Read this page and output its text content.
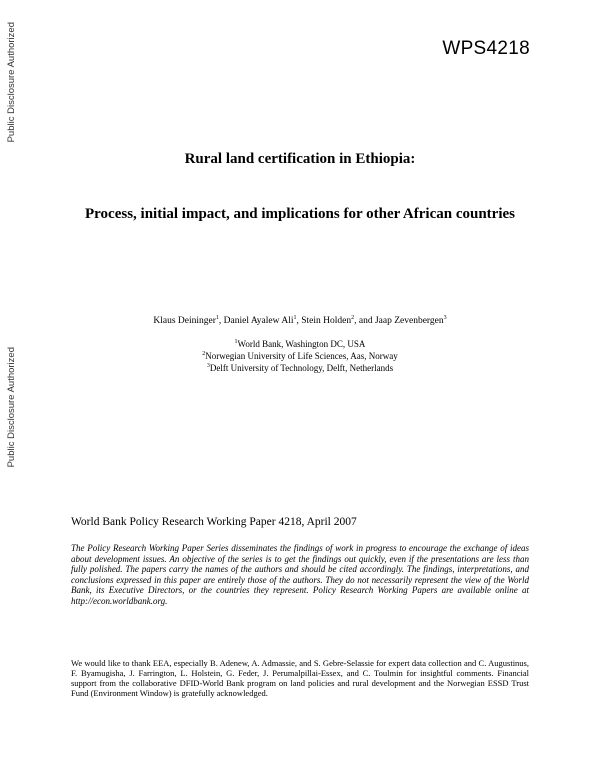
Public Disclosure Authorized
Public Disclosure Authorized
WPS4218
Rural land certification in Ethiopia:
Process, initial impact, and implications for other African countries
Klaus Deininger$^1$, Daniel Ayalew Ali$^1$, Stein Holden$^2$, and Jaap Zevenbergen$^3$
$^1$World Bank, Washington DC, USA
$^2$Norwegian University of Life Sciences, Aas, Norway
$^3$Delft University of Technology, Delft, Netherlands
World Bank Policy Research Working Paper 4218, April 2007
The Policy Research Working Paper Series disseminates the findings of work in progress to encourage the exchange of ideas about development issues. An objective of the series is to get the findings out quickly, even if the presentations are less than fully polished. The papers carry the names of the authors and should be cited accordingly. The findings, interpretations, and conclusions expressed in this paper are entirely those of the authors. They do not necessarily represent the view of the World Bank, its Executive Directors, or the countries they represent. Policy Research Working Papers are available online at http://econ.worldbank.org.
We would like to thank EEA, especially B. Adenew, A. Admassie, and S. Gebre-Selassie for expert data collection and C. Augustinus, F. Byamugisha, J. Farrington, L. Holstein, G. Feder, J. Perumalpillai-Essex, and C. Toulmin for insightful comments. Financial support from the collaborative DFID-World Bank program on land policies and rural development and the Norwegian ESSD Trust Fund (Environment Window) is gratefully acknowledged.
